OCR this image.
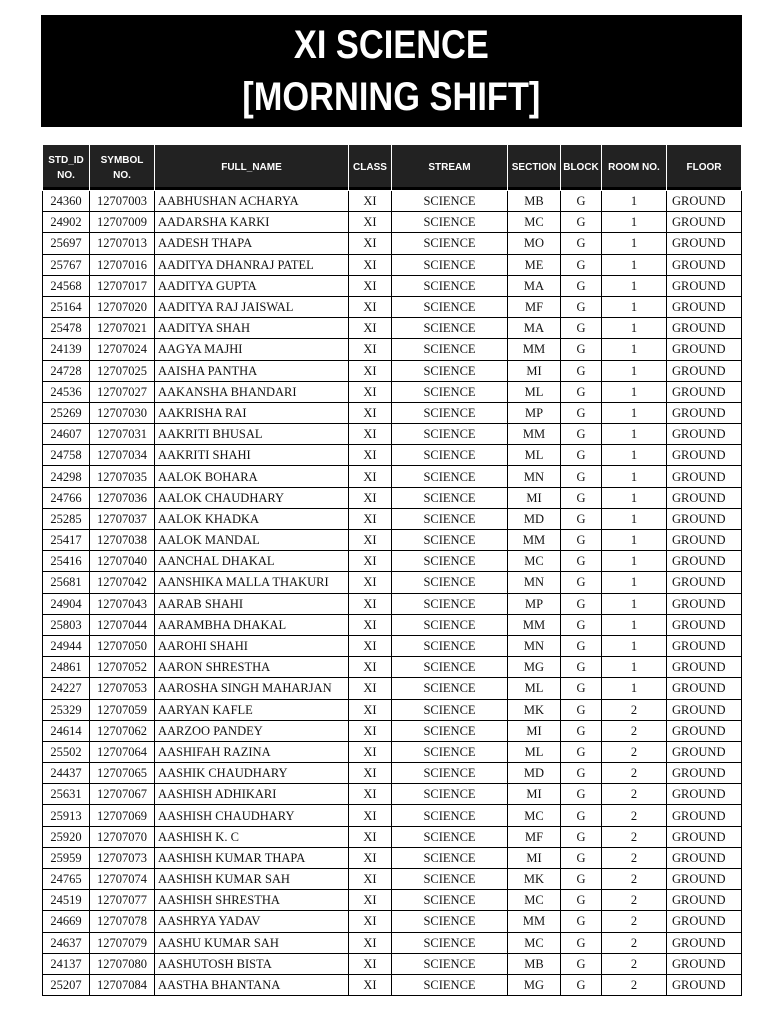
XI SCIENCE
[MORNING SHIFT]
STD_ID NO.	SYMBOL NO.	FULL_NAME	CLASS	STREAM	SECTION	BLOCK	ROOM NO.	FLOOR
24360	12707003	AABHUSHAN ACHARYA	XI	SCIENCE	MB	G	1	GROUND
24902	12707009	AADARSHA KARKI	XI	SCIENCE	MC	G	1	GROUND
25697	12707013	AADESH THAPA	XI	SCIENCE	MO	G	1	GROUND
25767	12707016	AADITYA DHANRAJ PATEL	XI	SCIENCE	ME	G	1	GROUND
24568	12707017	AADITYA GUPTA	XI	SCIENCE	MA	G	1	GROUND
25164	12707020	AADITYA RAJ JAISWAL	XI	SCIENCE	MF	G	1	GROUND
25478	12707021	AADITYA SHAH	XI	SCIENCE	MA	G	1	GROUND
24139	12707024	AAGYA MAJHI	XI	SCIENCE	MM	G	1	GROUND
24728	12707025	AAISHA PANTHA	XI	SCIENCE	MI	G	1	GROUND
24536	12707027	AAKANSHA BHANDARI	XI	SCIENCE	ML	G	1	GROUND
25269	12707030	AAKRISHA RAI	XI	SCIENCE	MP	G	1	GROUND
24607	12707031	AAKRITI BHUSAL	XI	SCIENCE	MM	G	1	GROUND
24758	12707034	AAKRITI SHAHI	XI	SCIENCE	ML	G	1	GROUND
24298	12707035	AALOK BOHARA	XI	SCIENCE	MN	G	1	GROUND
24766	12707036	AALOK CHAUDHARY	XI	SCIENCE	MI	G	1	GROUND
25285	12707037	AALOK KHADKA	XI	SCIENCE	MD	G	1	GROUND
25417	12707038	AALOK MANDAL	XI	SCIENCE	MM	G	1	GROUND
25416	12707040	AANCHAL DHAKAL	XI	SCIENCE	MC	G	1	GROUND
25681	12707042	AANSHIKA MALLA THAKURI	XI	SCIENCE	MN	G	1	GROUND
24904	12707043	AARAB SHAHI	XI	SCIENCE	MP	G	1	GROUND
25803	12707044	AARAMBHA DHAKAL	XI	SCIENCE	MM	G	1	GROUND
24944	12707050	AAROHI SHAHI	XI	SCIENCE	MN	G	1	GROUND
24861	12707052	AARON SHRESTHA	XI	SCIENCE	MG	G	1	GROUND
24227	12707053	AAROSHA SINGH MAHARJAN	XI	SCIENCE	ML	G	1	GROUND
25329	12707059	AARYAN KAFLE	XI	SCIENCE	MK	G	2	GROUND
24614	12707062	AARZOO PANDEY	XI	SCIENCE	MI	G	2	GROUND
25502	12707064	AASHIFAH RAZINA	XI	SCIENCE	ML	G	2	GROUND
24437	12707065	AASHIK CHAUDHARY	XI	SCIENCE	MD	G	2	GROUND
25631	12707067	AASHISH ADHIKARI	XI	SCIENCE	MI	G	2	GROUND
25913	12707069	AASHISH CHAUDHARY	XI	SCIENCE	MC	G	2	GROUND
25920	12707070	AASHISH K. C	XI	SCIENCE	MF	G	2	GROUND
25959	12707073	AASHISH KUMAR THAPA	XI	SCIENCE	MI	G	2	GROUND
24765	12707074	AASHISH KUMAR SAH	XI	SCIENCE	MK	G	2	GROUND
24519	12707077	AASHISH SHRESTHA	XI	SCIENCE	MC	G	2	GROUND
24669	12707078	AASHRYA YADAV	XI	SCIENCE	MM	G	2	GROUND
24637	12707079	AASHU KUMAR SAH	XI	SCIENCE	MC	G	2	GROUND
24137	12707080	AASHUTOSH BISTA	XI	SCIENCE	MB	G	2	GROUND
25207	12707084	AASTHA BHANTANA	XI	SCIENCE	MG	G	2	GROUND
